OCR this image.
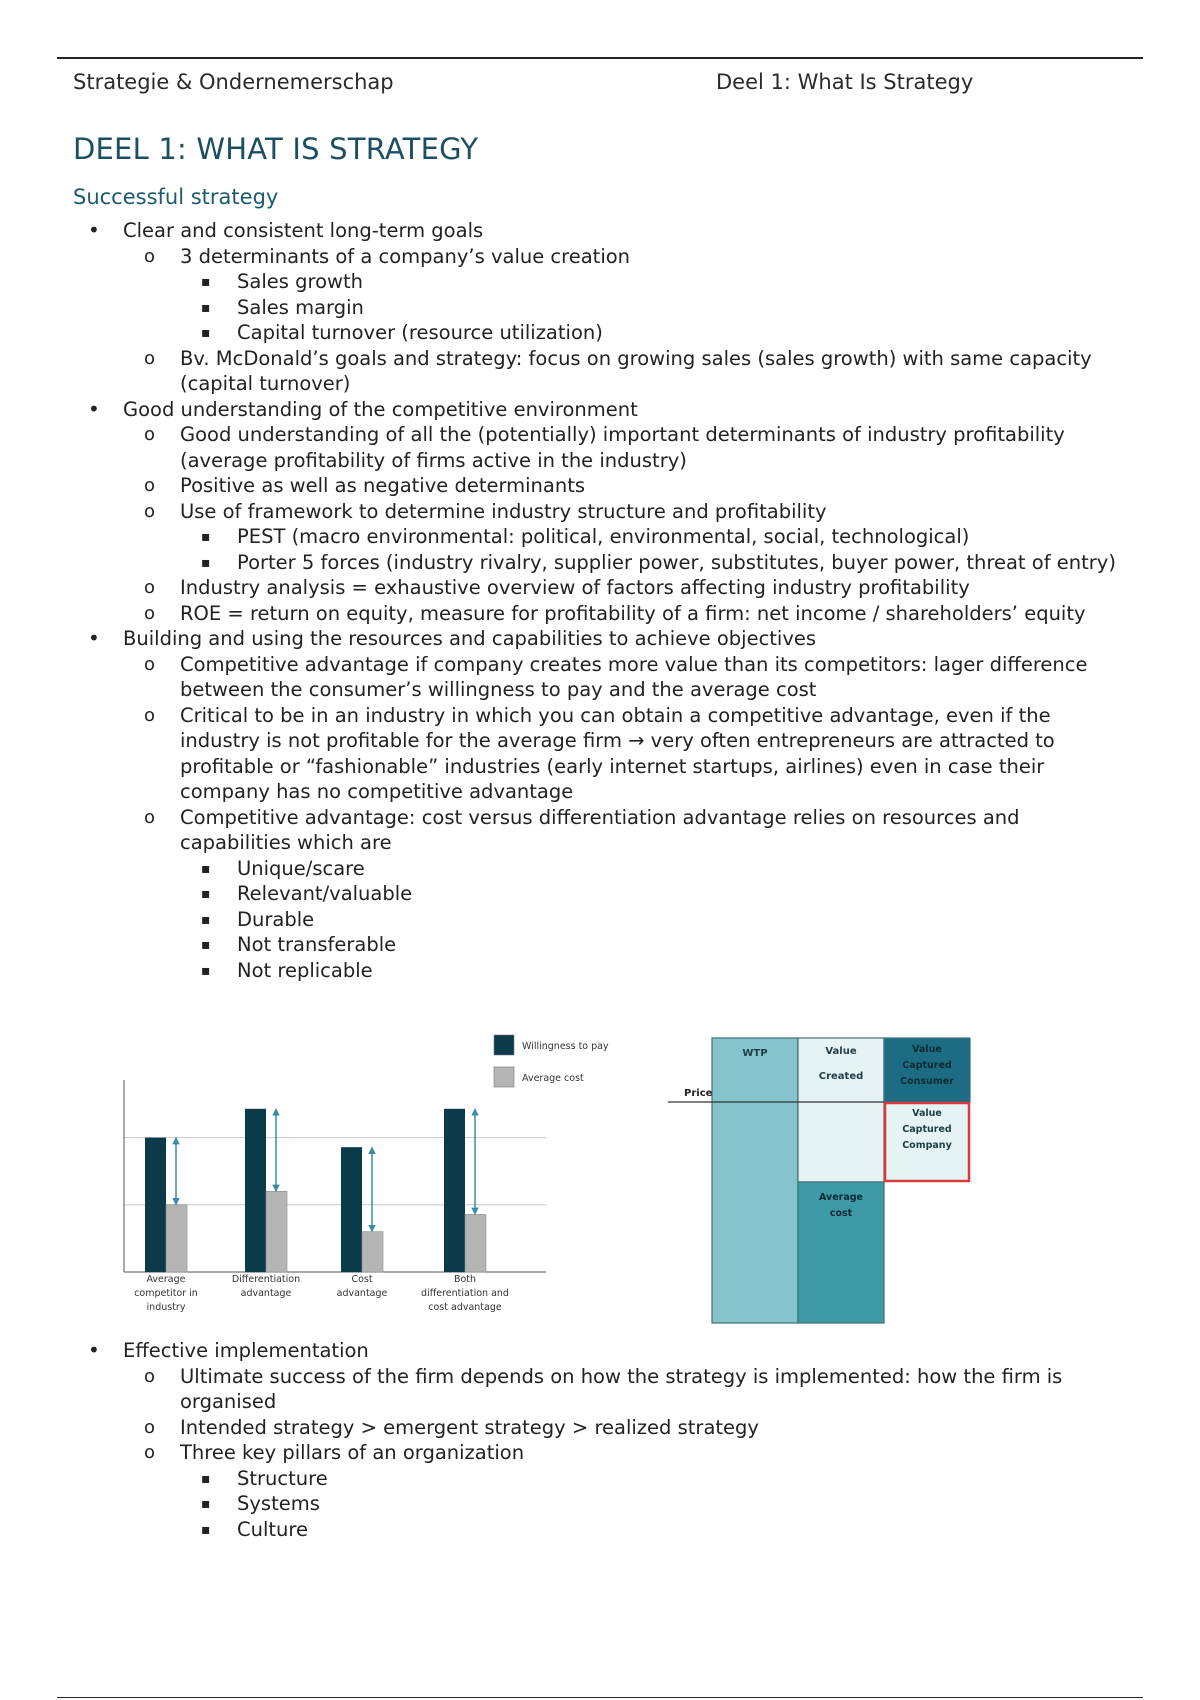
Strategie & Ondernemerschap	Deel 1: What Is Strategy
DEEL 1: WHAT IS STRATEGY
Successful strategy
• Clear and consistent long-term goals
o 3 determinants of a company’s value creation
▪ Sales growth
▪ Sales margin
▪ Capital turnover (resource utilization)
o Bv. McDonald’s goals and strategy: focus on growing sales (sales growth) with same capacity (capital turnover)
• Good understanding of the competitive environment
o Good understanding of all the (potentially) important determinants of industry profitability (average profitability of firms active in the industry)
o Positive as well as negative determinants
o Use of framework to determine industry structure and profitability
▪ PEST (macro environmental: political, environmental, social, technological)
▪ Porter 5 forces (industry rivalry, supplier power, substitutes, buyer power, threat of entry)
o Industry analysis = exhaustive overview of factors affecting industry profitability
o ROE = return on equity, measure for profitability of a firm: net income / shareholders’ equity
• Building and using the resources and capabilities to achieve objectives
o Competitive advantage if company creates more value than its competitors: lager difference between the consumer’s willingness to pay and the average cost
o Critical to be in an industry in which you can obtain a competitive advantage, even if the industry is not profitable for the average firm → very often entrepreneurs are attracted to profitable or “fashionable” industries (early internet startups, airlines) even in case their company has no competitive advantage
o Competitive advantage: cost versus differentiation advantage relies on resources and capabilities which are
▪ Unique/scare
▪ Relevant/valuable
▪ Durable
▪ Not transferable
▪ Not replicable
Average
competitor in
industry
Differentiation
advantage
Cost
advantage
Both
differentiation and
cost advantage
Willingness to pay
Average cost
Price
WTP	Value
Created
Value
Captured
Consumer
Value
Captured
Company
Average
cost
• Effective implementation
o Ultimate success of the firm depends on how the strategy is implemented: how the firm is organised
o Intended strategy > emergent strategy > realized strategy
o Three key pillars of an organization
▪ Structure
▪ Systems
▪ Culture
